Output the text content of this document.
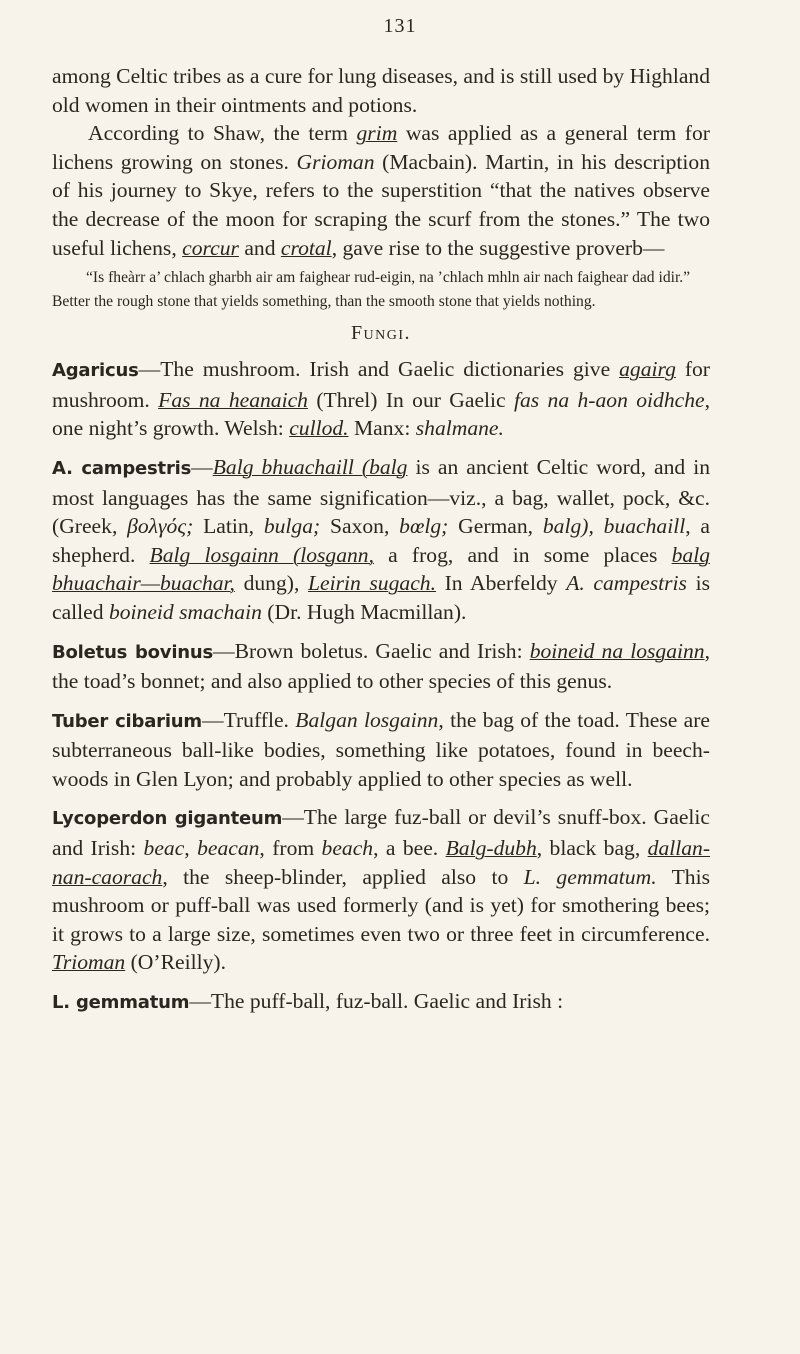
131

among Celtic tribes as a cure for lung diseases, and is still used by Highland old women in their ointments and potions.

According to Shaw, the term grim was applied as a general term for lichens growing on stones. Grioman (Macbain). Martin, in his description of his journey to Skye, refers to the superstition “that the natives observe the decrease of the moon for scraping the scurf from the stones.” The two useful lichens, corcur and crotal, gave rise to the suggestive proverb—

“Is fheàrr a’ chlach gharbh air am faighear rud-eigin, na ’chlach mhln air nach faighear dad idir.”

Better the rough stone that yields something, than the smooth stone that yields nothing.

Fungi.

Agaricus—The mushroom. Irish and Gaelic dictionaries give agairg for mushroom. Fas na heanaich (Threl) In our Gaelic fas na h-aon oidhche, one night’s growth. Welsh: cullod. Manx: shalmane.

A. campestris—Balg bhuachaill (balg is an ancient Celtic word, and in most languages has the same signification—viz., a bag, wallet, pock, &c. (Greek, βολγός; Latin, bulga; Saxon, bœlg; German, balg), buachaill, a shepherd. Balg losgainn (losgann, a frog, and in some places balg bhuachair—buachar, dung), Leirin sugach. In Aberfeldy A. campestris is called boineid smachain (Dr. Hugh Macmillan).

Boletus bovinus—Brown boletus. Gaelic and Irish: boineid na losgainn, the toad’s bonnet; and also applied to other species of this genus.

Tuber cibarium—Truffle. Balgan losgainn, the bag of the toad. These are subterraneous ball-like bodies, something like potatoes, found in beech-woods in Glen Lyon; and probably applied to other species as well.

Lycoperdon giganteum—The large fuz-ball or devil’s snuff-box. Gaelic and Irish: beac, beacan, from beach, a bee. Balg-dubh, black bag, dallan-nan-caorach, the sheep-blinder, applied also to L. gemmatum. This mushroom or puff-ball was used formerly (and is yet) for smothering bees; it grows to a large size, sometimes even two or three feet in circumference. Trioman (O’Reilly).

L. gemmatum—The puff-ball, fuz-ball. Gaelic and Irish :
